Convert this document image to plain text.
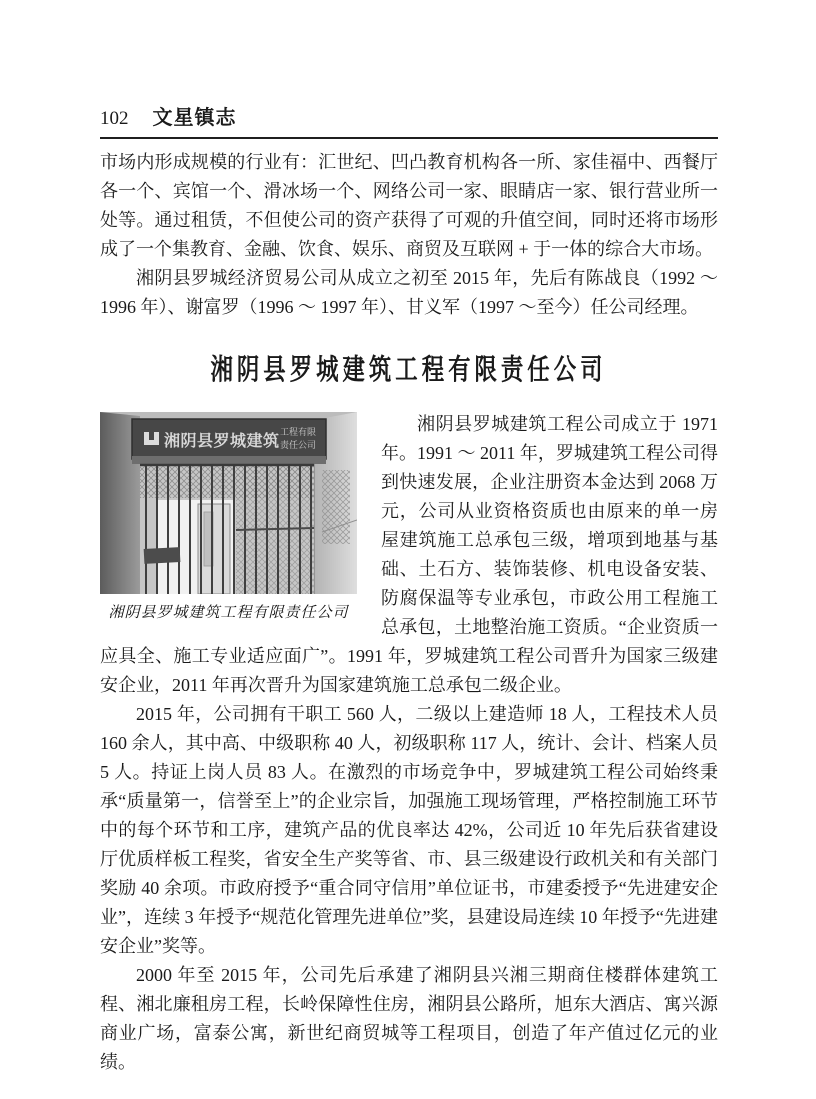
102 文星镇志

市场内形成规模的行业有：汇世纪、凹凸教育机构各一所、家佳福中、西餐厅各一个、宾馆一个、滑冰场一个、网络公司一家、眼睛店一家、银行营业所一处等。通过租赁，不但使公司的资产获得了可观的升值空间，同时还将市场形成了一个集教育、金融、饮食、娱乐、商贸及互联网 + 于一体的综合大市场。

湘阴县罗城经济贸易公司从成立之初至 2015 年，先后有陈战良（1992 ～ 1996 年）、谢富罗（1996 ～ 1997 年）、甘义军（1997 ～至今）任公司经理。

湘阴县罗城建筑工程有限责任公司
湘阴县罗城建筑
工程有限
责任公司
湘阴县罗城建筑工程有限责任公司

湘阴县罗城建筑工程公司成立于 1971 年。1991 ～ 2011 年，罗城建筑工程公司得到快速发展，企业注册资本金达到 2068 万元，公司从业资格资质也由原来的单一房屋建筑施工总承包三级，增项到地基与基础、土石方、装饰装修、机电设备安装、防腐保温等专业承包，市政公用工程施工总承包，土地整治施工资质。“企业资质一应具全、施工专业适应面广”。1991 年，罗城建筑工程公司晋升为国家三级建安企业，2011 年再次晋升为国家建筑施工总承包二级企业。

2015 年，公司拥有干职工 560 人，二级以上建造师 18 人，工程技术人员 160 余人，其中高、中级职称 40 人，初级职称 117 人，统计、会计、档案人员 5 人。持证上岗人员 83 人。在激烈的市场竞争中，罗城建筑工程公司始终秉承“质量第一，信誉至上”的企业宗旨，加强施工现场管理，严格控制施工环节中的每个环节和工序，建筑产品的优良率达 42%，公司近 10 年先后获省建设厅优质样板工程奖，省安全生产奖等省、市、县三级建设行政机关和有关部门奖励 40 余项。市政府授予“重合同守信用”单位证书，市建委授予“先进建安企业”，连续 3 年授予“规范化管理先进单位”奖，县建设局连续 10 年授予“先进建安企业”奖等。

2000 年至 2015 年，公司先后承建了湘阴县兴湘三期商住楼群体建筑工程、湘北廉租房工程，长岭保障性住房，湘阴县公路所，旭东大酒店、寓兴源商业广场，富泰公寓，新世纪商贸城等工程项目，创造了年产值过亿元的业绩。
